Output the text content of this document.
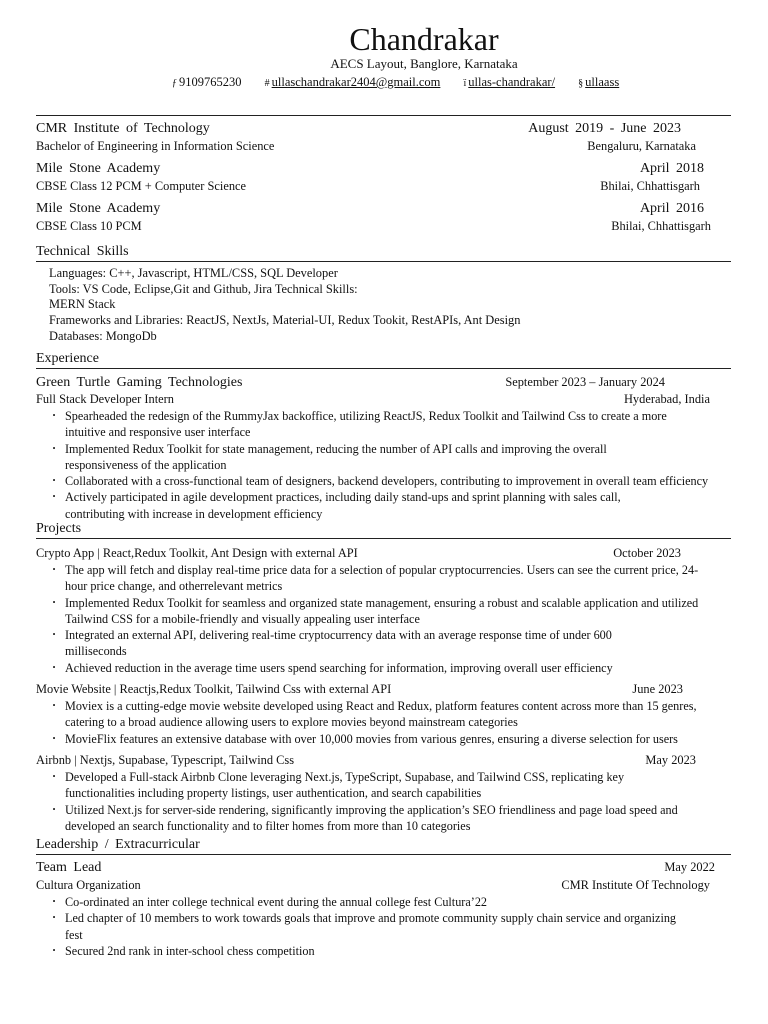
Chandrakar
AECS Layout, Banglore, Karnataka
ƒ 9109765230 # ullaschandrakar2404@gmail.com ï ullas-chandrakar/ § ullaass
CMR Institute of Technology	August 2019 - June 2023
Bachelor of Engineering in Information Science	Bengaluru, Karnataka
Mile Stone Academy	April 2018
CBSE Class 12 PCM + Computer Science	Bhilai, Chhattisgarh
Mile Stone Academy	April 2016
CBSE Class 10 PCM	Bhilai, Chhattisgarh
Technical Skills
Languages: C++, Javascript, HTML/CSS, SQL Developer
Tools: VS Code, Eclipse,Git and Github, Jira Technical Skills:
MERN Stack
Frameworks and Libraries: ReactJS, NextJs, Material-UI, Redux Tookit, RestAPIs, Ant Design
Databases: MongoDb
Experience
Green Turtle Gaming Technologies	September 2023 – January 2024
Full Stack Developer Intern	Hyderabad, India
· Spearheaded the redesign of the RummyJax backoffice, utilizing ReactJS, Redux Toolkit and Tailwind Css to create a more
intuitive and responsive user interface
· Implemented Redux Toolkit for state management, reducing the number of API calls and improving the overall
responsiveness of the application
· Collaborated with a cross-functional team of designers, backend developers, contributing to improvement in overall team efficiency
· Actively participated in agile development practices, including daily stand-ups and sprint planning with sales call,
contributing with increase in development efficiency
Projects
Crypto App | React,Redux Toolkit, Ant Design with external API	October 2023
· The app will fetch and display real-time price data for a selection of popular cryptocurrencies. Users can see the current price, 24-
hour price change, and otherrelevant metrics
· Implemented Redux Toolkit for seamless and organized state management, ensuring a robust and scalable application and utilized
Tailwind CSS for a mobile-friendly and visually appealing user interface
· Integrated an external API, delivering real-time cryptocurrency data with an average response time of under 600
milliseconds
· Achieved reduction in the average time users spend searching for information, improving overall user efficiency
Movie Website | Reactjs,Redux Toolkit, Tailwind Css with external API	June 2023
· Moviex is a cutting-edge movie website developed using React and Redux, platform features content across more than 15 genres,
catering to a broad audience allowing users to explore movies beyond mainstream categories
· MovieFlix features an extensive database with over 10,000 movies from various genres, ensuring a diverse selection for users
Airbnb | Nextjs, Supabase, Typescript, Tailwind Css	May 2023
· Developed a Full-stack Airbnb Clone leveraging Next.js, TypeScript, Supabase, and Tailwind CSS, replicating key
functionalities including property listings, user authentication, and search capabilities
· Utilized Next.js for server-side rendering, significantly improving the application’s SEO friendliness and page load speed and
developed an search functionality and to filter homes from more than 10 categories
Leadership / Extracurricular
Team Lead	May 2022
Cultura Organization	CMR Institute Of Technology
· Co-ordinated an inter college technical event during the annual college fest Cultura’22
· Led chapter of 10 members to work towards goals that improve and promote community supply chain service and organizing
fest
· Secured 2nd rank in inter-school chess competition
